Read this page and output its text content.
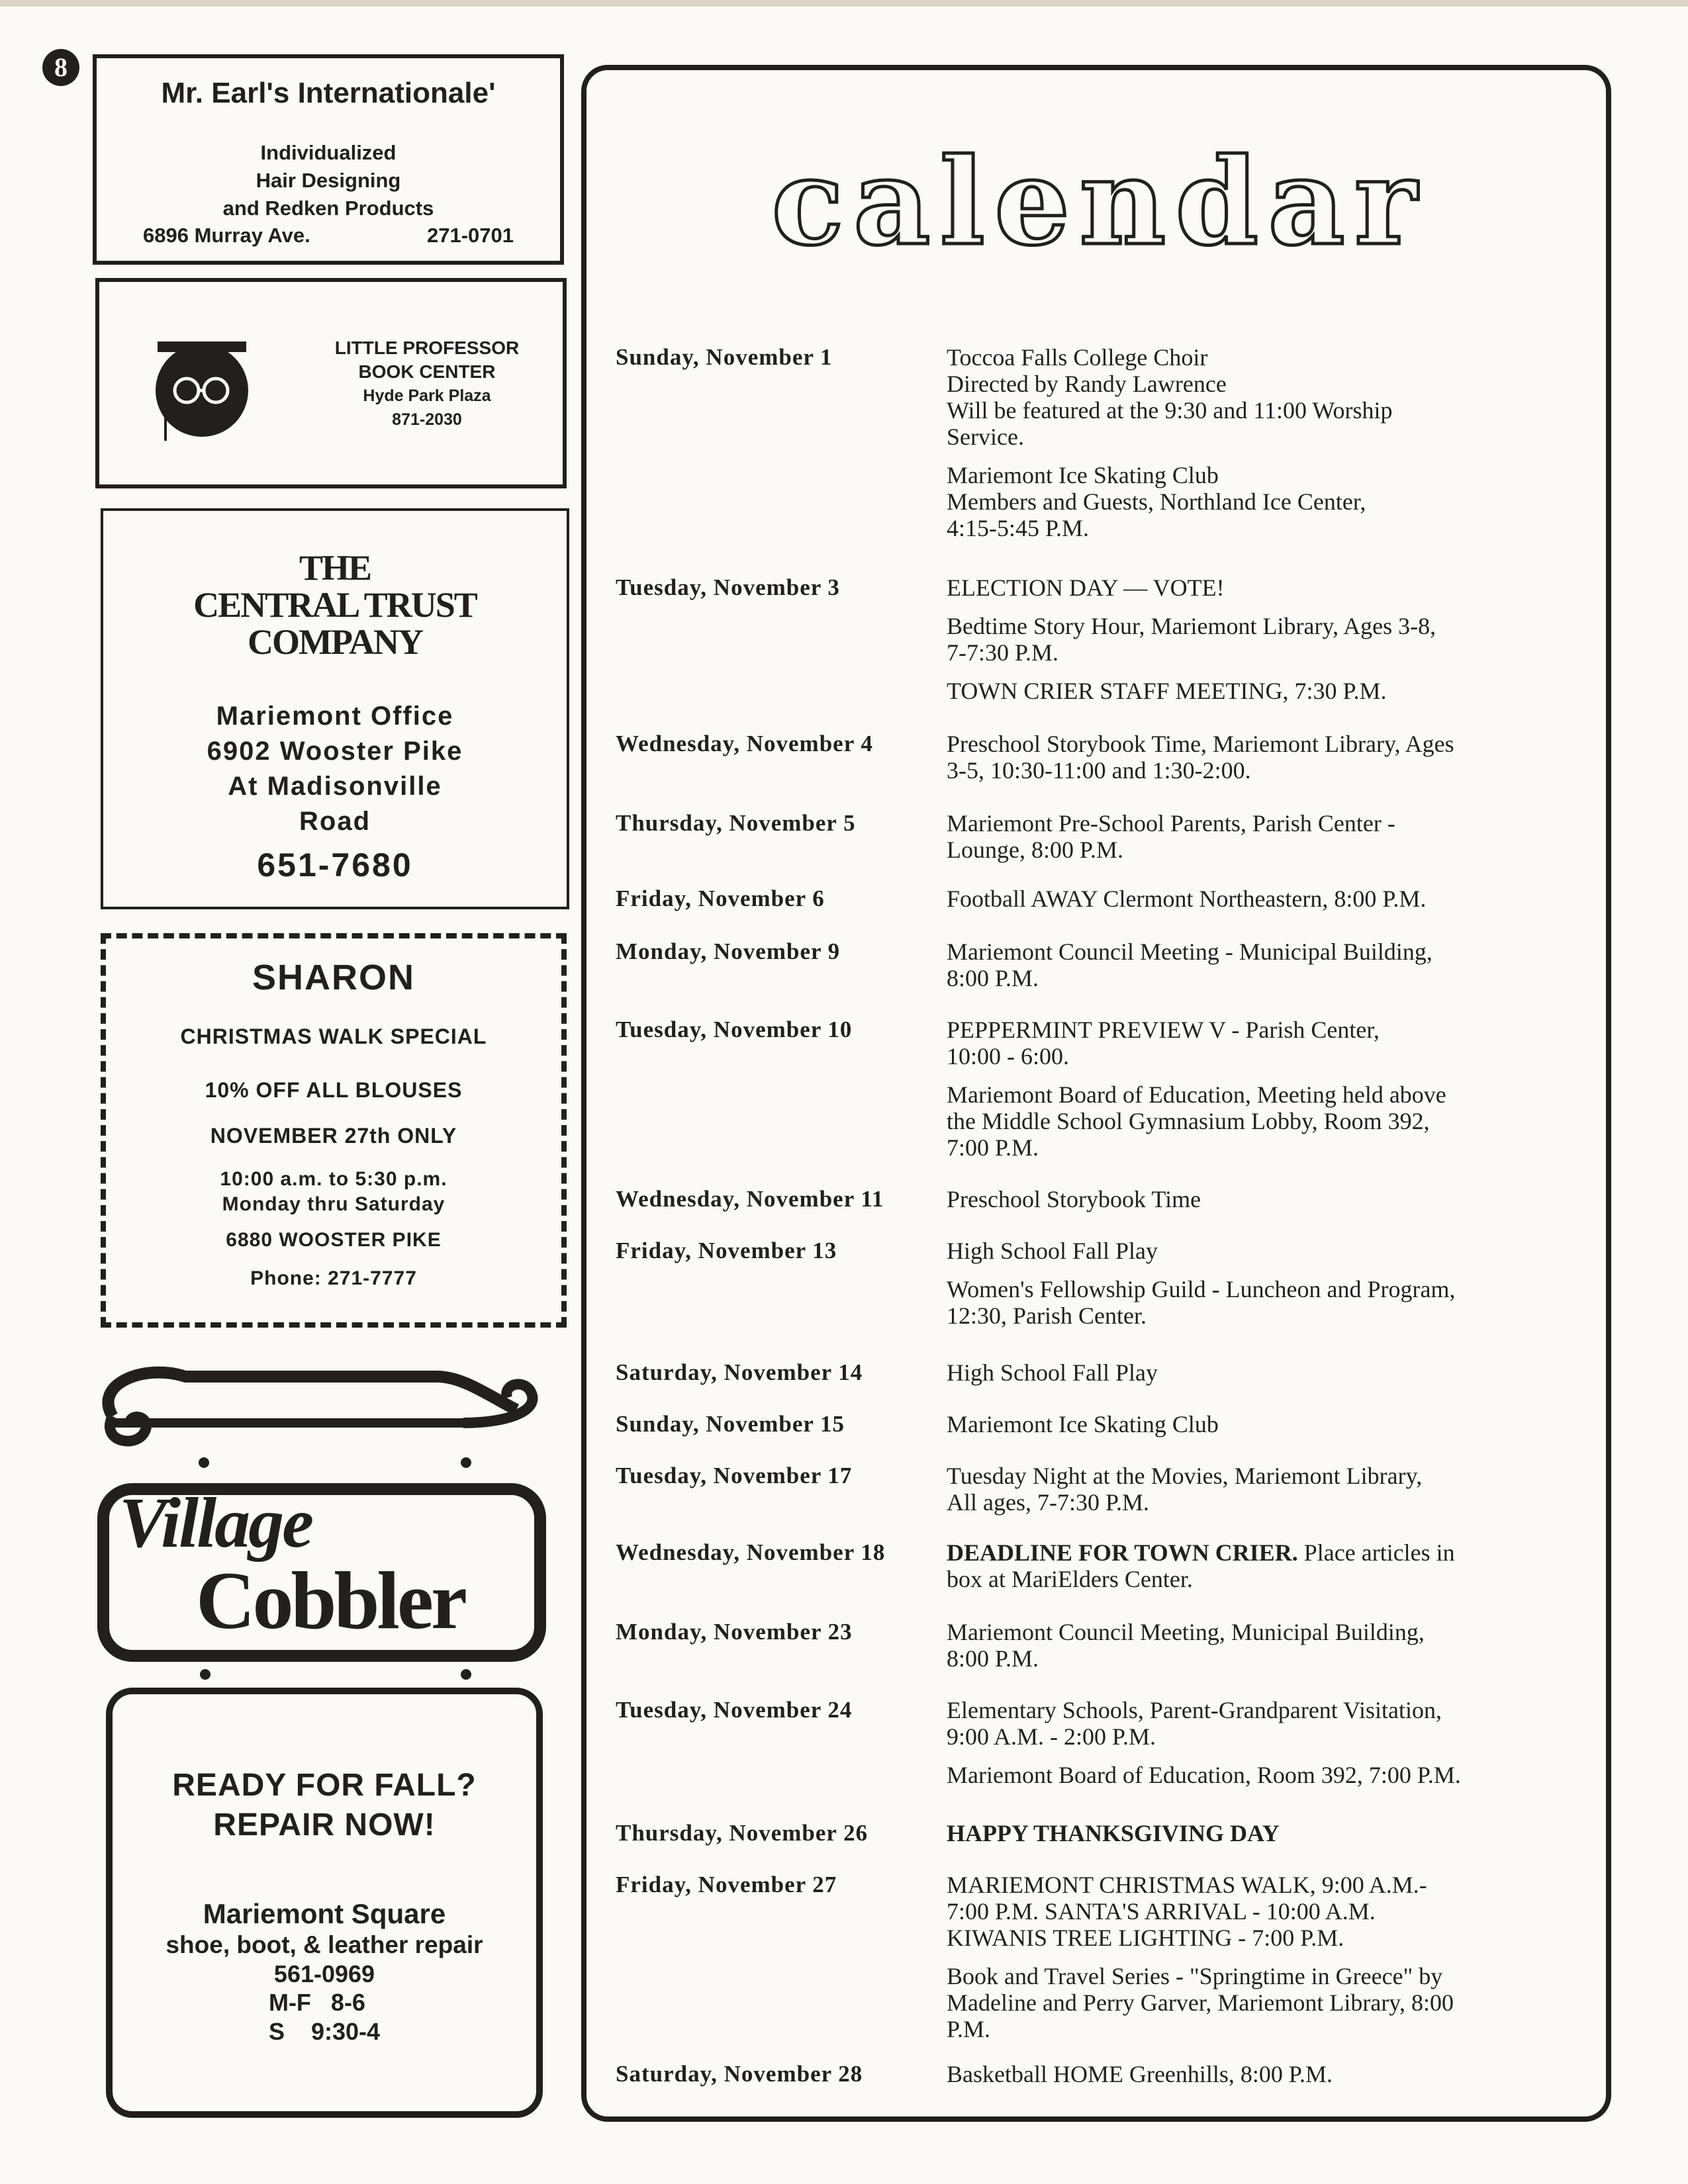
8
Mr. Earl's Internationale'
Individualized
Hair Designing
and Redken Products
6896 Murray Ave.	271-0701
LITTLE PROFESSOR
BOOK CENTER
Hyde Park Plaza
871-2030
THE
CENTRAL TRUST
COMPANY
Mariemont Office
6902 Wooster Pike
At Madisonville
Road
651-7680
SHARON
CHRISTMAS WALK SPECIAL
10% OFF ALL BLOUSES
NOVEMBER 27th ONLY
10:00 a.m. to 5:30 p.m.
Monday thru Saturday
6880 WOOSTER PIKE
Phone: 271-7777
Village
Cobbler
READY FOR FALL?
REPAIR NOW!
Mariemont Square
shoe, boot, & leather repair
561-0969
M-F   8-6
S    9:30-4
calendar
Sunday, November 1	Toccoa Falls College Choir
Directed by Randy Lawrence
Will be featured at the 9:30 and 11:00 Worship
Service.
Mariemont Ice Skating Club
Members and Guests, Northland Ice Center,
4:15-5:45 P.M.
Tuesday, November 3	ELECTION DAY — VOTE!
Bedtime Story Hour, Mariemont Library, Ages 3-8,
7-7:30 P.M.
TOWN CRIER STAFF MEETING, 7:30 P.M.
Wednesday, November 4	Preschool Storybook Time, Mariemont Library, Ages
3-5, 10:30-11:00 and 1:30-2:00.
Thursday, November 5	Mariemont Pre-School Parents, Parish Center -
Lounge, 8:00 P.M.
Friday, November 6	Football AWAY Clermont Northeastern, 8:00 P.M.
Monday, November 9	Mariemont Council Meeting - Municipal Building,
8:00 P.M.
Tuesday, November 10	PEPPERMINT PREVIEW V - Parish Center,
10:00 - 6:00.
Mariemont Board of Education, Meeting held above
the Middle School Gymnasium Lobby, Room 392,
7:00 P.M.
Wednesday, November 11	Preschool Storybook Time
Friday, November 13	High School Fall Play
Women's Fellowship Guild - Luncheon and Program,
12:30, Parish Center.
Saturday, November 14	High School Fall Play
Sunday, November 15	Mariemont Ice Skating Club
Tuesday, November 17	Tuesday Night at the Movies, Mariemont Library,
All ages, 7-7:30 P.M.
Wednesday, November 18	DEADLINE FOR TOWN CRIER. Place articles in
box at MariElders Center.
Monday, November 23	Mariemont Council Meeting, Municipal Building,
8:00 P.M.
Tuesday, November 24	Elementary Schools, Parent-Grandparent Visitation,
9:00 A.M. - 2:00 P.M.
Mariemont Board of Education, Room 392, 7:00 P.M.
Thursday, November 26	HAPPY THANKSGIVING DAY
Friday, November 27	MARIEMONT CHRISTMAS WALK, 9:00 A.M.-
7:00 P.M. SANTA'S ARRIVAL - 10:00 A.M.
KIWANIS TREE LIGHTING - 7:00 P.M.
Book and Travel Series - "Springtime in Greece" by
Madeline and Perry Garver, Mariemont Library, 8:00
P.M.
Saturday, November 28	Basketball HOME Greenhills, 8:00 P.M.
